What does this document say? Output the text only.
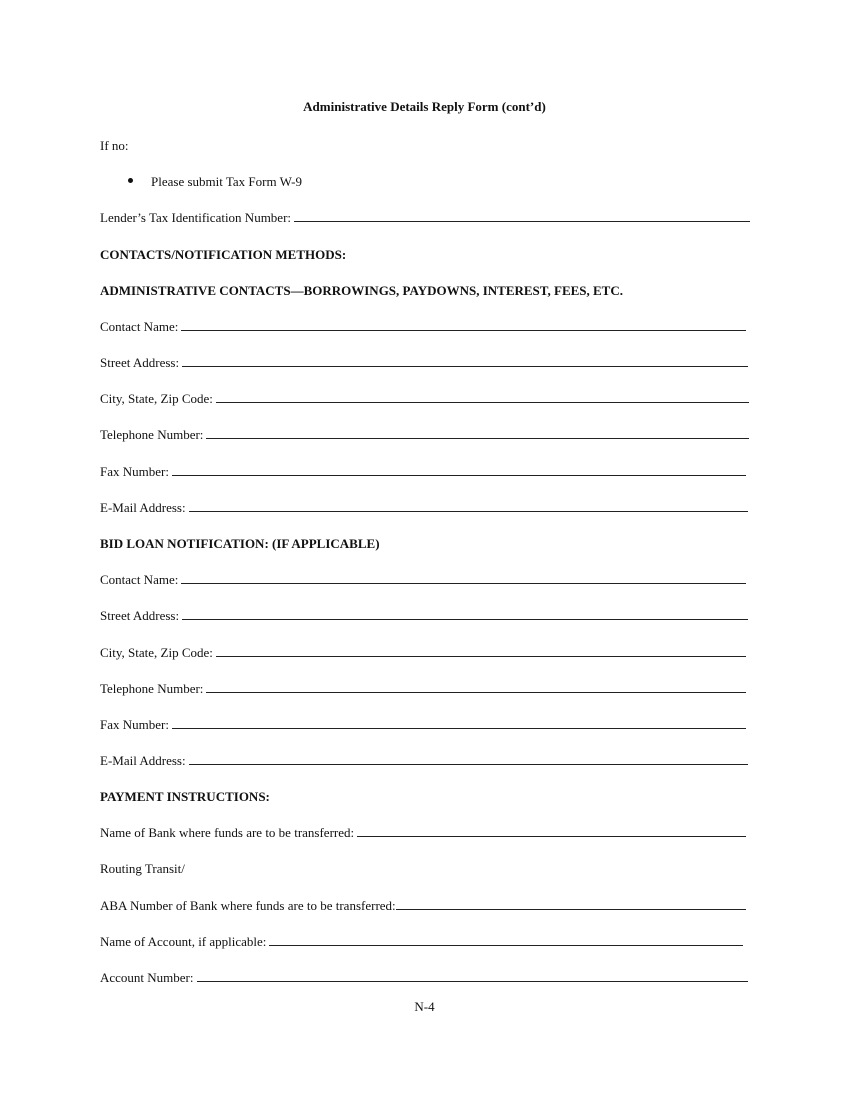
Administrative Details Reply Form (cont’d)
If no:
Please submit Tax Form W-9
Lender’s Tax Identification Number:
CONTACTS/NOTIFICATION METHODS:
ADMINISTRATIVE CONTACTS—BORROWINGS, PAYDOWNS, INTEREST, FEES, ETC.
Contact Name:
Street Address:
City, State, Zip Code:
Telephone Number:
Fax Number:
E-Mail Address:
BID LOAN NOTIFICATION: (IF APPLICABLE)
Contact Name:
Street Address:
City, State, Zip Code:
Telephone Number:
Fax Number:
E-Mail Address:
PAYMENT INSTRUCTIONS:
Name of Bank where funds are to be transferred:
Routing Transit/
ABA Number of Bank where funds are to be transferred:
Name of Account, if applicable:
Account Number:
N-4
